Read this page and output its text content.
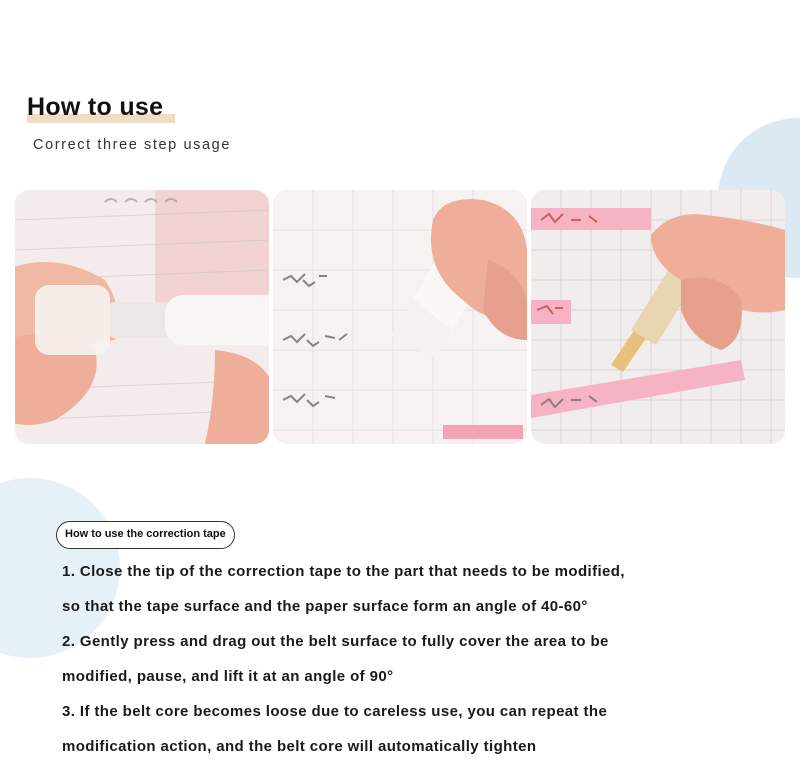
How to use
Correct three step usage
How to use the correction tape
1. Close the tip of the correction tape to the part that needs to be modified,
so that the tape surface and the paper surface form an angle of 40-60°
2. Gently press and drag out the belt surface to fully cover the area to be
modified, pause, and lift it at an angle of 90°
3. If the belt core becomes loose due to careless use, you can repeat the
modification action, and the belt core will automatically tighten
